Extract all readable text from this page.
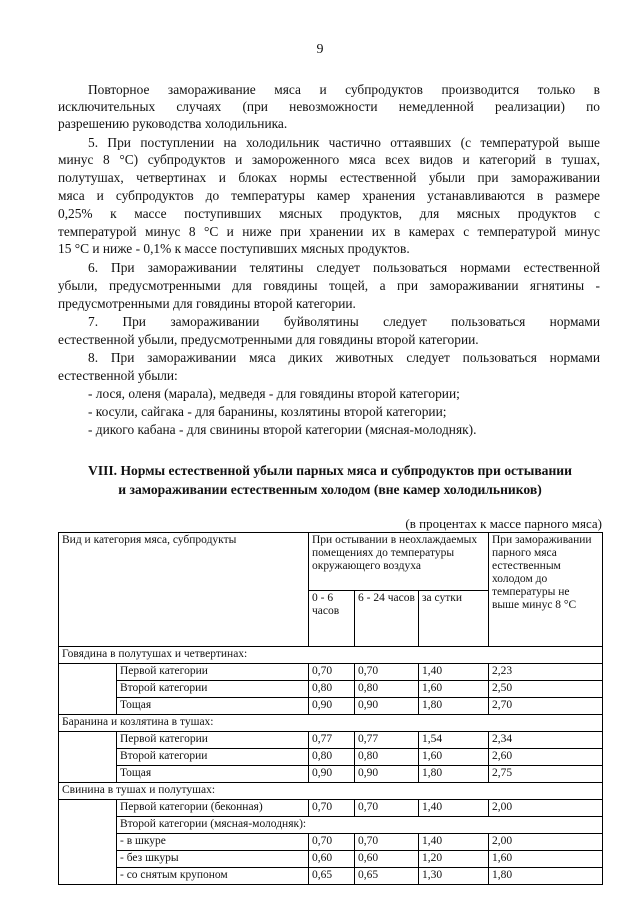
9
Повторное замораживание мяса и субпродуктов производится только в
исключительных случаях (при невозможности немедленной реализации) по
разрешению руководства холодильника.
5. При поступлении на холодильник частично оттаявших (с температурой выше
минус 8 °С) субпродуктов и замороженного мяса всех видов и категорий в тушах,
полутушах, четвертинах и блоках нормы естественной убыли при замораживании
мяса и субпродуктов до температуры камер хранения устанавливаются в размере
0,25% к массе поступивших мясных продуктов, для мясных продуктов с
температурой минус 8 °С и ниже при хранении их в камерах с температурой минус
15 °С и ниже - 0,1% к массе поступивших мясных продуктов.
6. При замораживании телятины следует пользоваться нормами естественной
убыли, предусмотренными для говядины тощей, а при замораживании ягнятины -
предусмотренными для говядины второй категории.
7. При замораживании буйволятины следует пользоваться нормами
естественной убыли, предусмотренными для говядины второй категории.
8. При замораживании мяса диких животных следует пользоваться нормами
естественной убыли:
- лося, оленя (марала), медведя - для говядины второй категории;
- косули, сайгака - для баранины, козлятины второй категории;
- дикого кабана - для свинины второй категории (мясная-молодняк).
VIII. Нормы естественной убыли парных мяса и субпродуктов при остывании
и замораживании естественным холодом (вне камер холодильников)
(в процентах к массе парного мяса)
Вид и категория мяса, субпродукты		При остывании в неохлаждаемых помещениях до температуры окружающего воздуха			При замораживании парного мяса естественным холодом до температуры не выше минус 8 °С
		0 - 6 часов	6 - 24 часов	за сутки	
Говядина в полутушах и четвертинах:					
	Первой категории	0,70	0,70	1,40	2,23
	Второй категории	0,80	0,80	1,60	2,50
	Тощая	0,90	0,90	1,80	2,70
Баранина и козлятина в тушах:					
	Первой категории	0,77	0,77	1,54	2,34
	Второй категории	0,80	0,80	1,60	2,60
	Тощая	0,90	0,90	1,80	2,75
Свинина в тушах и полутушах:					
	Первой категории (беконная)	0,70	0,70	1,40	2,00
	Второй категории (мясная-молодняк):				
	- в шкуре	0,70	0,70	1,40	2,00
	- без шкуры	0,60	0,60	1,20	1,60
	- со снятым крупоном	0,65	0,65	1,30	1,80
